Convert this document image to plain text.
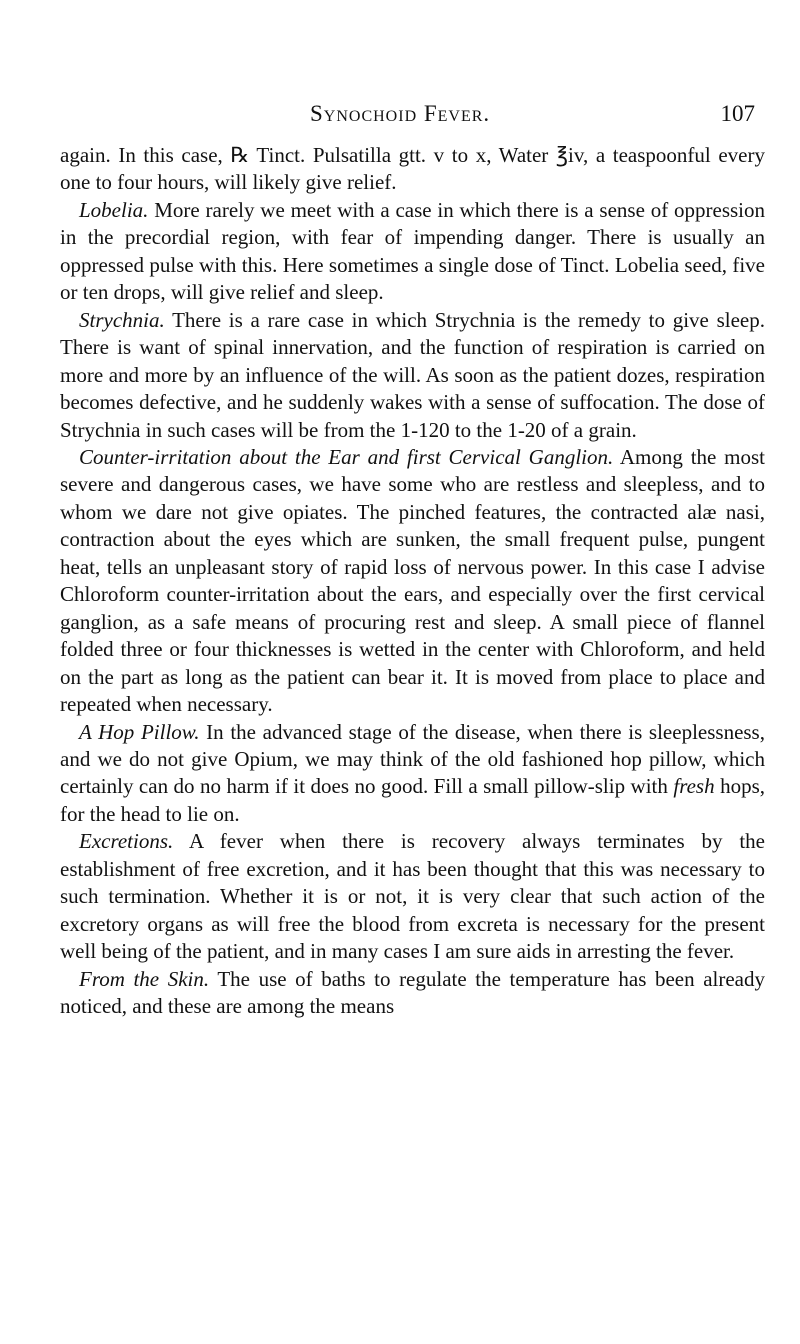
Synochoid Fever.	107

again. In this case, ℞ Tinct. Pulsatilla gtt. v to x, Water ℥iv, a teaspoonful every one to four hours, will likely give relief.

Lobelia. More rarely we meet with a case in which there is a sense of oppression in the precordial region, with fear of impending danger. There is usually an oppressed pulse with this. Here sometimes a single dose of Tinct. Lobelia seed, five or ten drops, will give relief and sleep.

Strychnia. There is a rare case in which Strychnia is the remedy to give sleep. There is want of spinal innervation, and the function of respiration is carried on more and more by an influence of the will. As soon as the patient dozes, respiration becomes defective, and he suddenly wakes with a sense of suffocation. The dose of Strychnia in such cases will be from the 1-120 to the 1-20 of a grain.

Counter-irritation about the Ear and first Cervical Ganglion. Among the most severe and dangerous cases, we have some who are restless and sleepless, and to whom we dare not give opiates. The pinched features, the contracted alæ nasi, contraction about the eyes which are sunken, the small frequent pulse, pungent heat, tells an unpleasant story of rapid loss of nervous power. In this case I advise Chloroform counter-irritation about the ears, and especially over the first cervical ganglion, as a safe means of procuring rest and sleep. A small piece of flannel folded three or four thicknesses is wetted in the center with Chloroform, and held on the part as long as the patient can bear it. It is moved from place to place and repeated when necessary.

A Hop Pillow. In the advanced stage of the disease, when there is sleeplessness, and we do not give Opium, we may think of the old fashioned hop pillow, which certainly can do no harm if it does no good. Fill a small pillow-slip with fresh hops, for the head to lie on.

Excretions. A fever when there is recovery always terminates by the establishment of free excretion, and it has been thought that this was necessary to such termination. Whether it is or not, it is very clear that such action of the excretory organs as will free the blood from excreta is necessary for the present well being of the patient, and in many cases I am sure aids in arresting the fever.

From the Skin. The use of baths to regulate the temperature has been already noticed, and these are among the means
